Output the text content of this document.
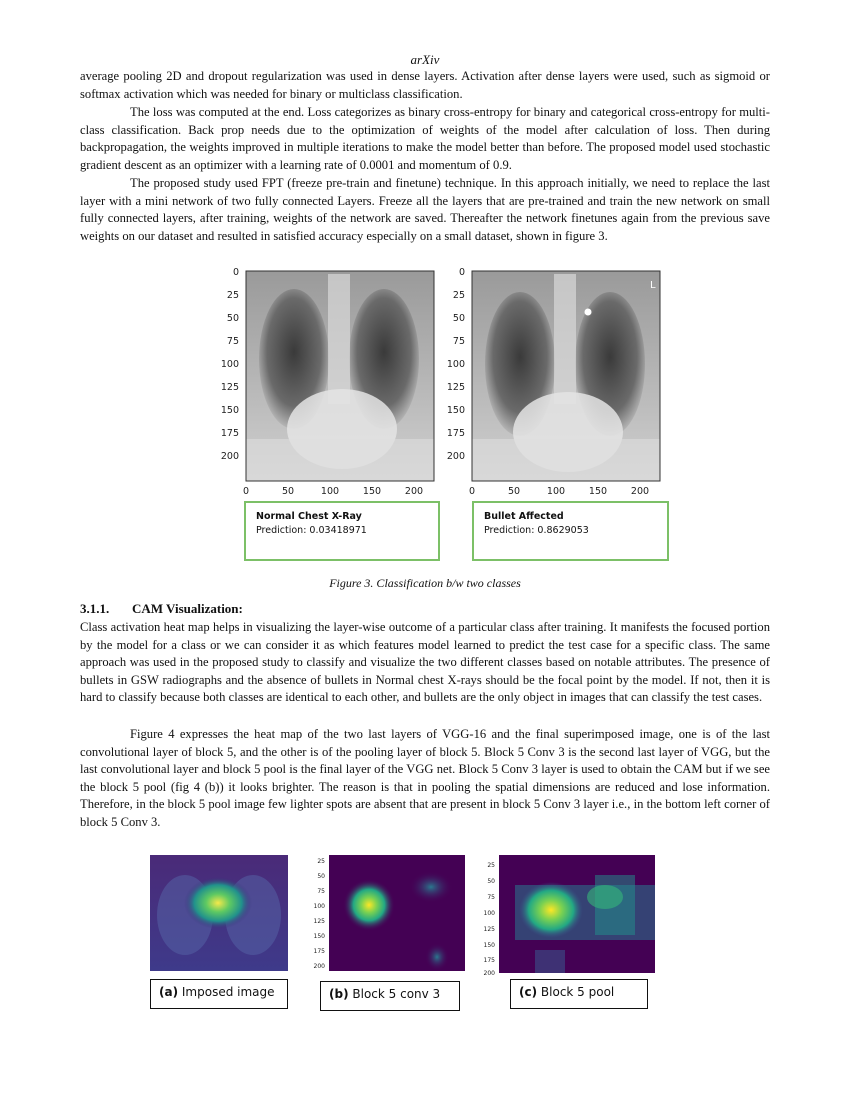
arXiv

average pooling 2D and dropout regularization was used in dense layers. Activation after dense layers were used, such as sigmoid or softmax activation which was needed for binary or multiclass classification.

The loss was computed at the end. Loss categorizes as binary cross-entropy for binary and categorical cross-entropy for multi-class classification. Back prop needs due to the optimization of weights of the model after calculation of loss. Then during backpropagation, the weights improved in multiple iterations to make the model better than before. The proposed model used stochastic gradient descent as an optimizer with a learning rate of 0.0001 and momentum of 0.9.

The proposed study used FPT (freeze pre-train and finetune) technique. In this approach initially, we need to replace the last layer with a mini network of two fully connected Layers. Freeze all the layers that are pre-trained and train the new network on small fully connected layers, after training, weights of the network are saved. Thereafter the network finetunes again from the previous save weights on our dataset and resulted in satisfied accuracy especially on a small dataset, shown in figure 3.

0
25
50
75
100
125
150
175
200
0	50	100	150	200
L
0
25
50
75
100
125
150
175
200
0	50	100	150	200
Normal Chest X-Ray
Prediction: 0.03418971
Bullet Affected
Prediction: 0.8629053
Figure 3. Classification b/w two classes
3.1.1. CAM Visualization:

Class activation heat map helps in visualizing the layer-wise outcome of a particular class after training. It manifests the focused portion by the model for a class or we can consider it as which features model learned to predict the test case for a specific class. The same approach was used in the proposed study to classify and visualize the two different classes based on notable attributes. The presence of bullets in GSW radiographs and the absence of bullets in Normal chest X-rays should be the focal point by the model. If not, then it is hard to classify because both classes are identical to each other, and bullets are the only object in images that can classify the test cases.

Figure 4 expresses the heat map of the two last layers of VGG-16 and the final superimposed image, one is of the last convolutional layer of block 5, and the other is of the pooling layer of block 5. Block 5 Conv 3 is the second last layer of VGG, but the last convolutional layer and block 5 pool is the final layer of the VGG net. Block 5 Conv 3 layer is used to obtain the CAM but if we see the block 5 pool (fig 4 (b)) it looks brighter. The reason is that in pooling the spatial dimensions are reduced and lose information. Therefore, in the block 5 pool image few lighter spots are absent that are present in block 5 Conv 3 layer i.e., in the bottom left corner of block 5 Conv 3.

25
50
75
100
125
150
175
200
25
50
75
100
125
150
175
200
(a) Imposed image	(b) Block 5 conv 3	(c) Block 5 pool
